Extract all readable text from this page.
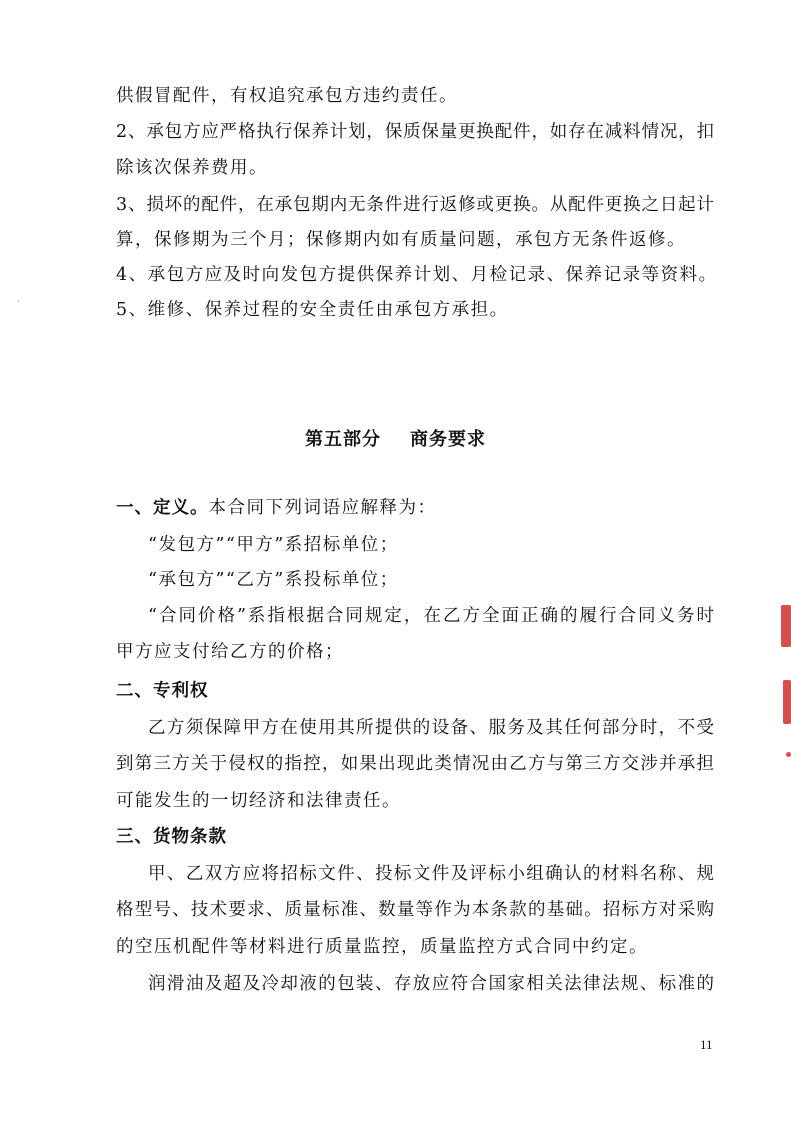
供假冒配件，有权追究承包方违约责任。
2、承包方应严格执行保养计划，保质保量更换配件，如存在减料情况，扣
除该次保养费用。
3、损坏的配件，在承包期内无条件进行返修或更换。从配件更换之日起计
算，保修期为三个月；保修期内如有质量问题，承包方无条件返修。
4、承包方应及时向发包方提供保养计划、月检记录、保养记录等资料。
5、维修、保养过程的安全责任由承包方承担。
第五部分    商务要求
一、定义。本合同下列词语应解释为：
“发包方”“甲方”系招标单位；
“承包方”“乙方”系投标单位；
“合同价格”系指根据合同规定，在乙方全面正确的履行合同义务时
甲方应支付给乙方的价格；
二、专利权
乙方须保障甲方在使用其所提供的设备、服务及其任何部分时，不受
到第三方关于侵权的指控，如果出现此类情况由乙方与第三方交涉并承担
可能发生的一切经济和法律责任。
三、货物条款
甲、乙双方应将招标文件、投标文件及评标小组确认的材料名称、规
格型号、技术要求、质量标准、数量等作为本条款的基础。招标方对采购
的空压机配件等材料进行质量监控，质量监控方式合同中约定。
润滑油及超及冷却液的包装、存放应符合国家相关法律法规、标准的
11
